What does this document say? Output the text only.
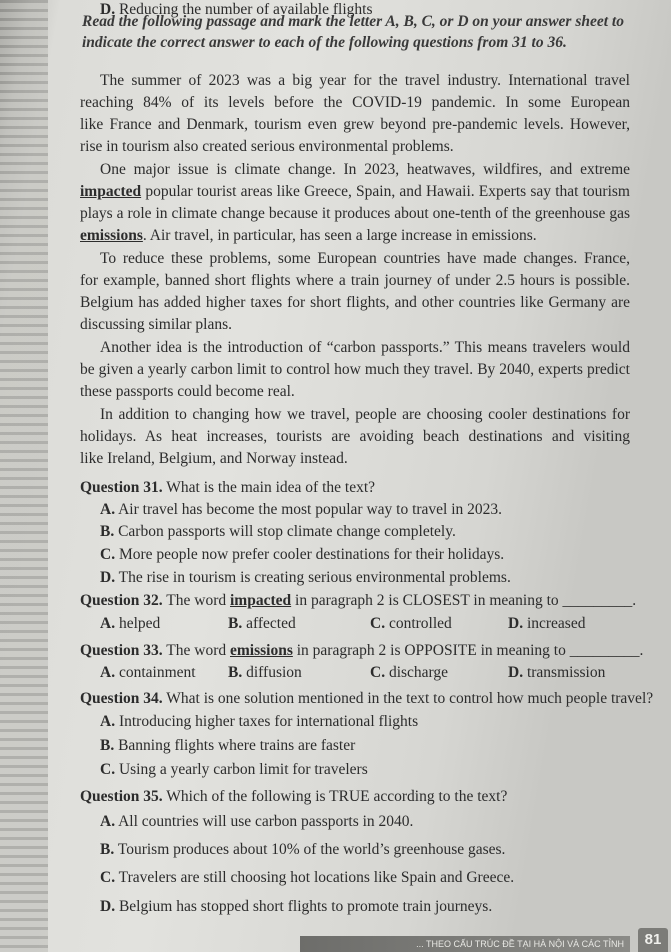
Read the following passage and mark the letter A, B, C, or D on your answer sheet to
indicate the correct answer to each of the following questions from 31 to 36.
The summer of 2023 was a big year for the travel industry. International travel
reaching 84% of its levels before the COVID-19 pandemic. In some European
like France and Denmark, tourism even grew beyond pre-pandemic levels. However,
rise in tourism also created serious environmental problems.
One major issue is climate change. In 2023, heatwaves, wildfires, and extreme
impacted popular tourist areas like Greece, Spain, and Hawaii. Experts say that tourism
plays a role in climate change because it produces about one-tenth of the greenhouse gas
emissions. Air travel, in particular, has seen a large increase in emissions.
To reduce these problems, some European countries have made changes. France,
for example, banned short flights where a train journey of under 2.5 hours is possible.
Belgium has added higher taxes for short flights, and other countries like Germany are
discussing similar plans.
Another idea is the introduction of “carbon passports.” This means travelers would
be given a yearly carbon limit to control how much they travel. By 2040, experts predict
these passports could become real.
In addition to changing how we travel, people are choosing cooler destinations for
holidays. As heat increases, tourists are avoiding beach destinations and visiting
like Ireland, Belgium, and Norway instead.
Question 31. What is the main idea of the text?
A. Air travel has become the most popular way to travel in 2023.
B. Carbon passports will stop climate change completely.
C. More people now prefer cooler destinations for their holidays.
D. The rise in tourism is creating serious environmental problems.
Question 32. The word impacted in paragraph 2 is CLOSEST in meaning to _________.
A. helped	B. affected	C. controlled	D. increased
Question 33. The word emissions in paragraph 2 is OPPOSITE in meaning to _________.
A. containment B. diffusion	C. discharge	D. transmission
Question 34. What is one solution mentioned in the text to control how much people travel?
A. Introducing higher taxes for international flights
B. Banning flights where trains are faster
C. Using a yearly carbon limit for travelers
D. Reducing the number of available flights
Question 35. Which of the following is TRUE according to the text?
A. All countries will use carbon passports in 2040.
B. Tourism produces about 10% of the world’s greenhouse gases.
C. Travelers are still choosing hot locations like Spain and Greece.
D. Belgium has stopped short flights to promote train journeys.
... THEO CẤU TRÚC ĐỀ TẠI HÀ NỘI VÀ CÁC TỈNH	81
